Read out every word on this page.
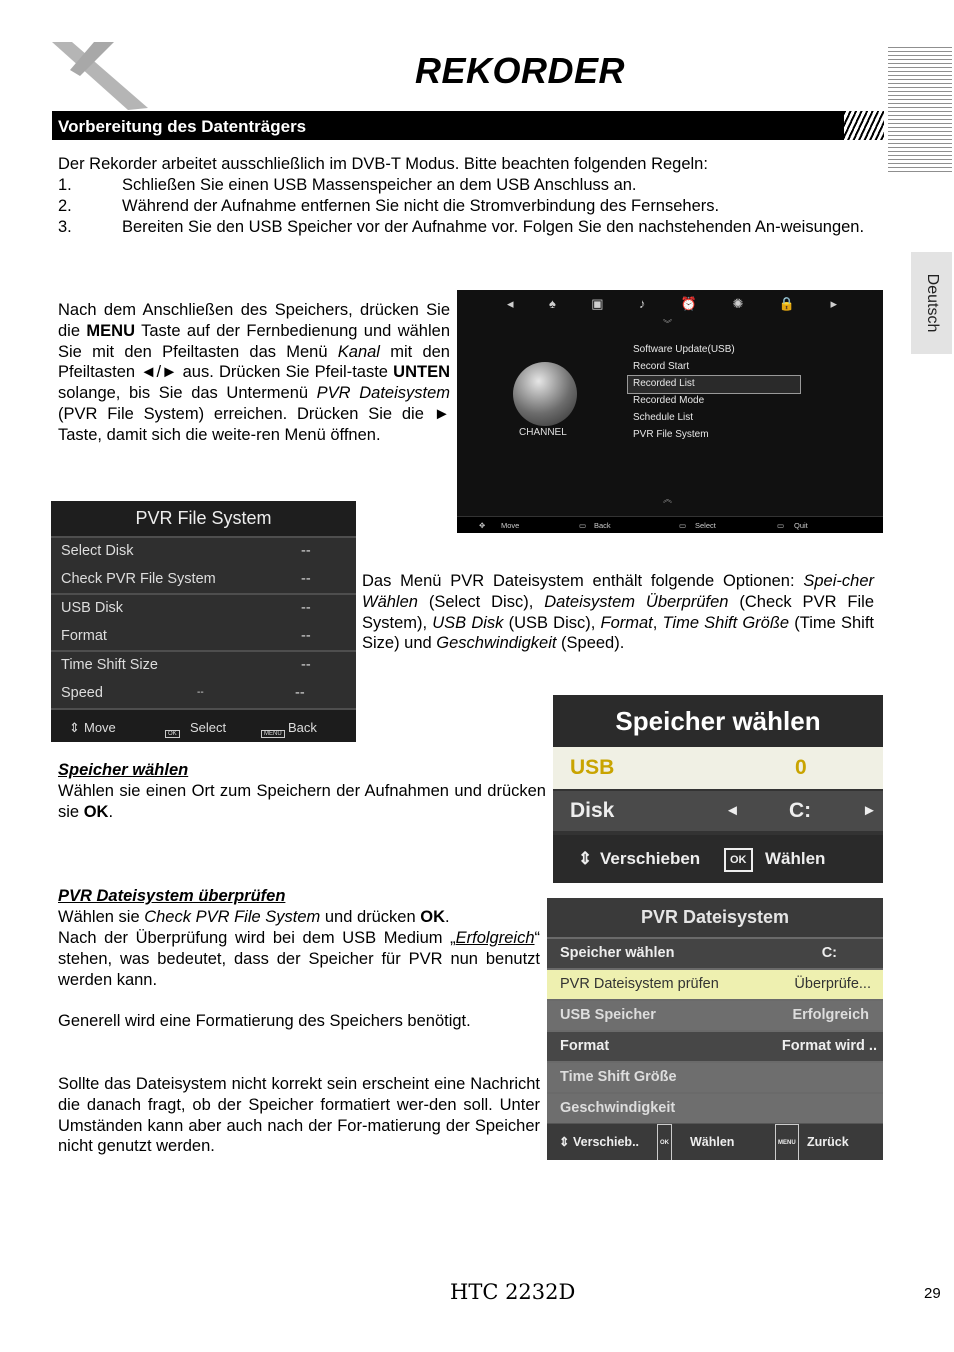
REKORDER
Deutsch
Vorbereitung des Datenträgers
Der Rekorder arbeitet ausschließlich im DVB-T Modus. Bitte beachten folgenden Regeln:
1.	Schließen Sie einen USB Massenspeicher an dem USB Anschluss an.
2.	Während der Aufnahme entfernen Sie nicht die Stromverbindung des Fernsehers.
3.	Bereiten Sie den USB Speicher vor der Aufnahme vor. Folgen Sie den nachstehenden An-weisungen.
Nach dem Anschließen des Speichers, drücken Sie die MENU Taste auf der Fernbedienung und wählen Sie mit den Pfeiltasten das Menü Kanal mit den Pfeiltasten ◄/► aus. Drücken Sie Pfeil-taste UNTEN solange, bis Sie das Untermenü PVR Dateisystem (PVR File System) erreichen. Drücken Sie die ► Taste, damit sich die weite-ren Menü öffnen.
◂	♠	▣	♪	⏰	✺	🔒	▸
︾
CHANNEL
Software Update(USB)
Record Start
Recorded List
Recorded Mode
Schedule List
PVR File System
︽
✥ Move	▭ Back	▭ Select	▭ Quit
PVR File System
Select Disk	--
Check PVR File System	--
USB Disk	--
Format	--
Time Shift Size	--
Speed	--	--
⇕ Move	OK Select	MENU Back
Das Menü PVR Dateisystem enthält folgende Optionen: Spei-cher Wählen (Select Disc), Dateisystem Überprüfen (Check PVR File System), USB Disk (USB Disc), Format, Time Shift Größe (Time Shift Size) und Geschwindigkeit (Speed).
Speicher wählen
USB	0
Disk	◄ C:	►
⇕ Verschieben	OK	Wählen
Speicher wählen
Wählen sie einen Ort zum Speichern der Aufnahmen und drücken sie OK.
PVR Dateisystem überprüfen
Wählen sie Check PVR File System und drücken OK.
Nach der Überprüfung wird bei dem USB Medium „Erfolgreich“ stehen, was bedeutet, dass der Speicher für PVR nun benutzt werden kann.
Generell wird eine Formatierung des Speichers benötigt.
Sollte das Dateisystem nicht korrekt sein erscheint eine Nachricht die danach fragt, ob der Speicher formatiert wer-den soll. Unter Umständen kann aber auch nach der For-matierung der Speicher nicht genutzt werden.
PVR Dateisystem
Speicher wählen	C:
PVR Dateisystem prüfen	Überprüfe...
USB Speicher	Erfolgreich
Format	Format wird ..
Time Shift Größe
Geschwindigkeit
⇕ Verschieb..	OK Wählen	MENU Zurück
HTC 2232D	29
